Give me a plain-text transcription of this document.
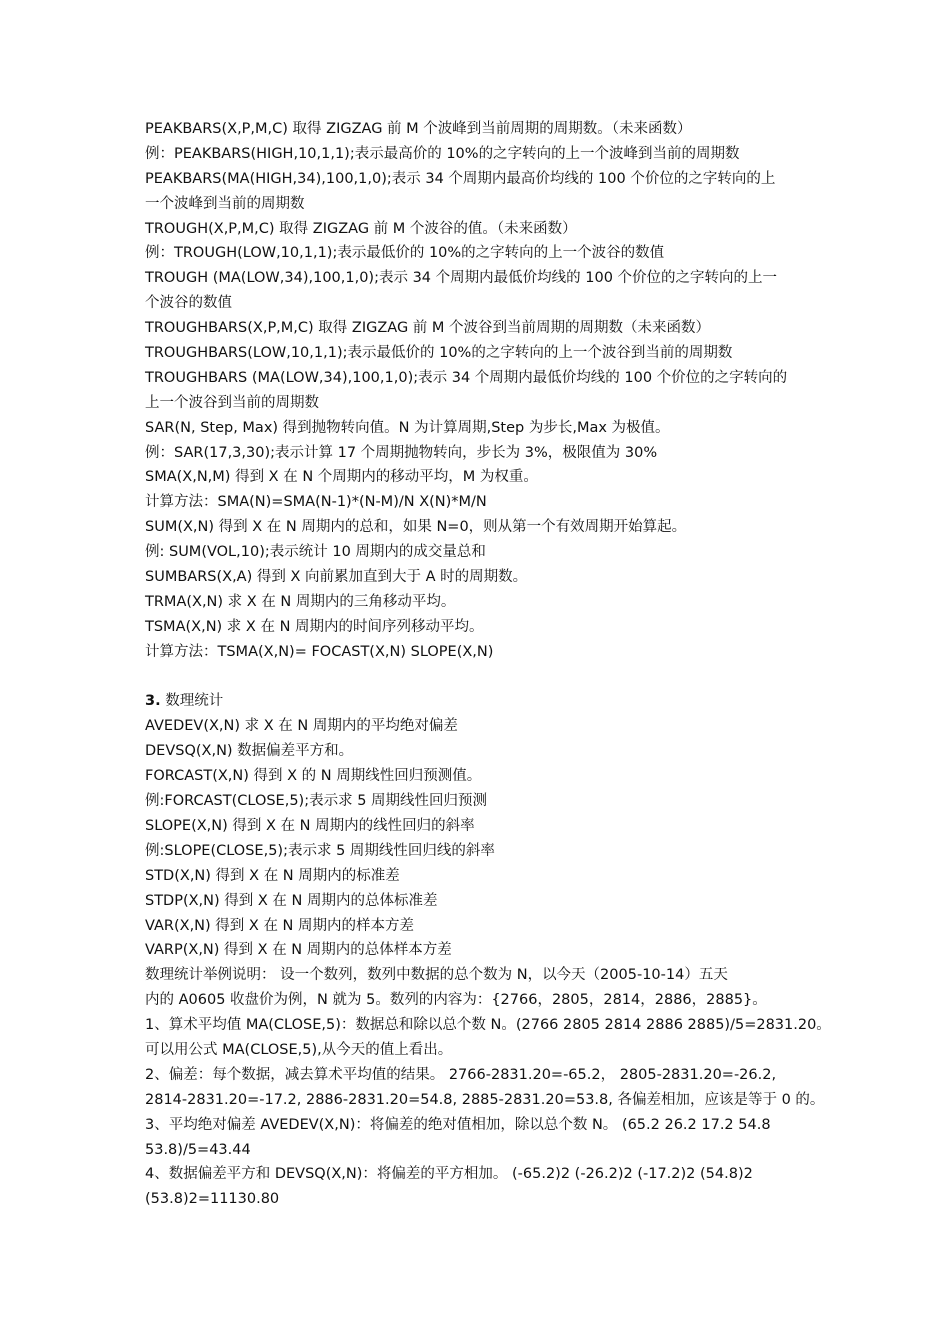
PEAKBARS(X,P,M,C) 取得 ZIGZAG 前 M 个波峰到当前周期的周期数。（未来函数）
例：PEAKBARS(HIGH,10,1,1);表示最高价的 10%的之字转向的上一个波峰到当前的周期数
PEAKBARS(MA(HIGH,34),100,1,0);表示 34 个周期内最高价均线的 100 个价位的之字转向的上
一个波峰到当前的周期数
TROUGH(X,P,M,C) 取得 ZIGZAG 前 M 个波谷的值。（未来函数）
例：TROUGH(LOW,10,1,1);表示最低价的 10%的之字转向的上一个波谷的数值
TROUGH (MA(LOW,34),100,1,0);表示 34 个周期内最低价均线的 100 个价位的之字转向的上一
个波谷的数值
TROUGHBARS(X,P,M,C) 取得 ZIGZAG 前 M 个波谷到当前周期的周期数（未来函数）
TROUGHBARS(LOW,10,1,1);表示最低价的 10%的之字转向的上一个波谷到当前的周期数
TROUGHBARS (MA(LOW,34),100,1,0);表示 34 个周期内最低价均线的 100 个价位的之字转向的
上一个波谷到当前的周期数
SAR(N, Step, Max) 得到抛物转向值。N 为计算周期,Step 为步长,Max 为极值。
例：SAR(17,3,30);表示计算 17 个周期抛物转向，步长为 3%，极限值为 30%
SMA(X,N,M) 得到 X 在 N 个周期内的移动平均，M 为权重。
计算方法：SMA(N)=SMA(N-1)*(N-M)/N X(N)*M/N
SUM(X,N) 得到 X 在 N 周期内的总和，如果 N=0，则从第一个有效周期开始算起。
例: SUM(VOL,10);表示统计 10 周期内的成交量总和
SUMBARS(X,A) 得到 X 向前累加直到大于 A 时的周期数。
TRMA(X,N) 求 X 在 N 周期内的三角移动平均。
TSMA(X,N) 求 X 在 N 周期内的时间序列移动平均。
计算方法：TSMA(X,N)= FOCAST(X,N) SLOPE(X,N)
3. 数理统计
AVEDEV(X,N) 求 X 在 N 周期内的平均绝对偏差
DEVSQ(X,N) 数据偏差平方和。
FORCAST(X,N) 得到 X 的 N 周期线性回归预测值。
例:FORCAST(CLOSE,5);表示求 5 周期线性回归预测
SLOPE(X,N) 得到 X 在 N 周期内的线性回归的斜率
例:SLOPE(CLOSE,5);表示求 5 周期线性回归线的斜率
STD(X,N) 得到 X 在 N 周期内的标准差
STDP(X,N) 得到 X 在 N 周期内的总体标准差
VAR(X,N) 得到 X 在 N 周期内的样本方差
VARP(X,N) 得到 X 在 N 周期内的总体样本方差
数理统计举例说明： 设一个数列，数列中数据的总个数为 N，以今天（2005-10-14）五天
内的 A0605 收盘价为例，N 就为 5。数列的内容为：{2766，2805，2814，2886，2885}。
1、算术平均值 MA(CLOSE,5)：数据总和除以总个数 N。(2766 2805 2814 2886 2885)/5=2831.20。
可以用公式 MA(CLOSE,5),从今天的值上看出。
2、偏差：每个数据，减去算术平均值的结果。 2766-2831.20=-65.2， 2805-2831.20=-26.2,
2814-2831.20=-17.2, 2886-2831.20=54.8, 2885-2831.20=53.8, 各偏差相加，应该是等于 0 的。
3、平均绝对偏差 AVEDEV(X,N)：将偏差的绝对值相加，除以总个数 N。 (65.2 26.2 17.2 54.8
53.8)/5=43.44
4、数据偏差平方和 DEVSQ(X,N)：将偏差的平方相加。 (-65.2)2 (-26.2)2 (-17.2)2 (54.8)2
(53.8)2=11130.80
